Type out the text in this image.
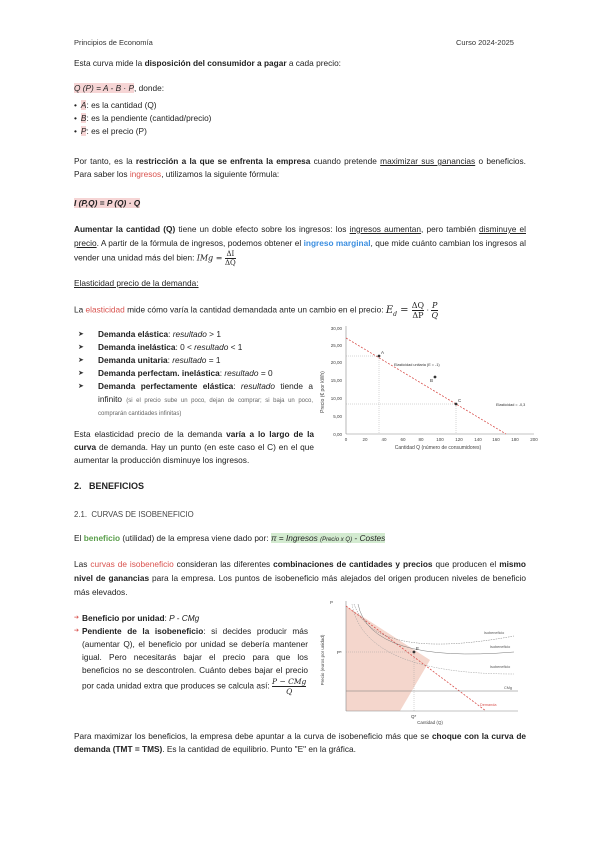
Principios de Economía	Curso 2024-2025
Esta curva mide la disposición del consumidor a pagar a cada precio:
Q (P) = A - B · P, donde:
• A: es la cantidad (Q)
• B: es la pendiente (cantidad/precio)
• P: es el precio (P)
Por tanto, es la restricción a la que se enfrenta la empresa cuando pretende maximizar sus ganancias o beneficios. Para saber los ingresos, utilizamos la siguiente fórmula:
I (P,Q) = P (Q) · Q
Aumentar la cantidad (Q) tiene un doble efecto sobre los ingresos: los ingresos aumentan, pero también disminuye el precio. A partir de la fórmula de ingresos, podemos obtener el ingreso marginal, que mide cuánto cambian los ingresos al vender una unidad más del bien: IMg = $\frac{\Delta I}{\Delta Q}$
Elasticidad precio de la demanda:
La elasticidad mide cómo varía la cantidad demandada ante un cambio en el precio: $E_d = \frac{\Delta Q}{\Delta P} \cdot \frac{P}{Q}$
➤ Demanda elástica: resultado > 1
➤ Demanda inelástica: 0 < resultado < 1
➤ Demanda unitaria: resultado = 1
➤ Demanda perfectam. inelástica: resultado = 0
➤ Demanda perfectamente elástica: resultado tiende a infinito (si el precio sube un poco, dejan de comprar; si baja un poco, comprarán cantidades infinitas)
Esta elasticidad precio de la demanda varía a lo largo de la curva de demanda. Hay un punto (en este caso el C) en el que aumentar la producción disminuye los ingresos.
Precio (€ por kWh)
30,00
25,00
20,00
15,00
10,00
5,00
0,00
0	20	40	60	80	100	120	140 160	180	200
Cantidad Q (número de consumidores)
A
B
C
Elasticidad unitaria (E = -1)
Elasticidad = -0,3
2. BENEFICIOS
2.1. CURVAS DE ISOBENEFICIO
El beneficio (utilidad) de la empresa viene dado por: π = Ingresos (Precio x Q) - Costes
Las curvas de isobeneficio consideran las diferentes combinaciones de cantidades y precios que producen el mismo nivel de ganancias para la empresa. Los puntos de isobeneficio más alejados del origen producen niveles de beneficio más elevados.
➔ Beneficio por unidad: P - CMg
➔ Pendiente de la isobeneficio: si decides producir más (aumentar Q), el beneficio por unidad se debería mantener igual. Pero necesitarás bajar el precio para que los beneficios no se descontrolen. Cuánto debes bajar el precio por cada unidad extra que produces se calcula así: P − CMg
Q
Para maximizar los beneficios, la empresa debe apuntar a la curva de isobeneficio más que se choque con la curva de demanda (TMT = TMS). Es la cantidad de equilibrio. Punto "E" en la gráfica.
Precio (euros por unidad)
P
E
P*
Q*
Cantidad (Q)
Isobeneficio
Isobeneficio
Isobeneficio
Demanda
CMg
